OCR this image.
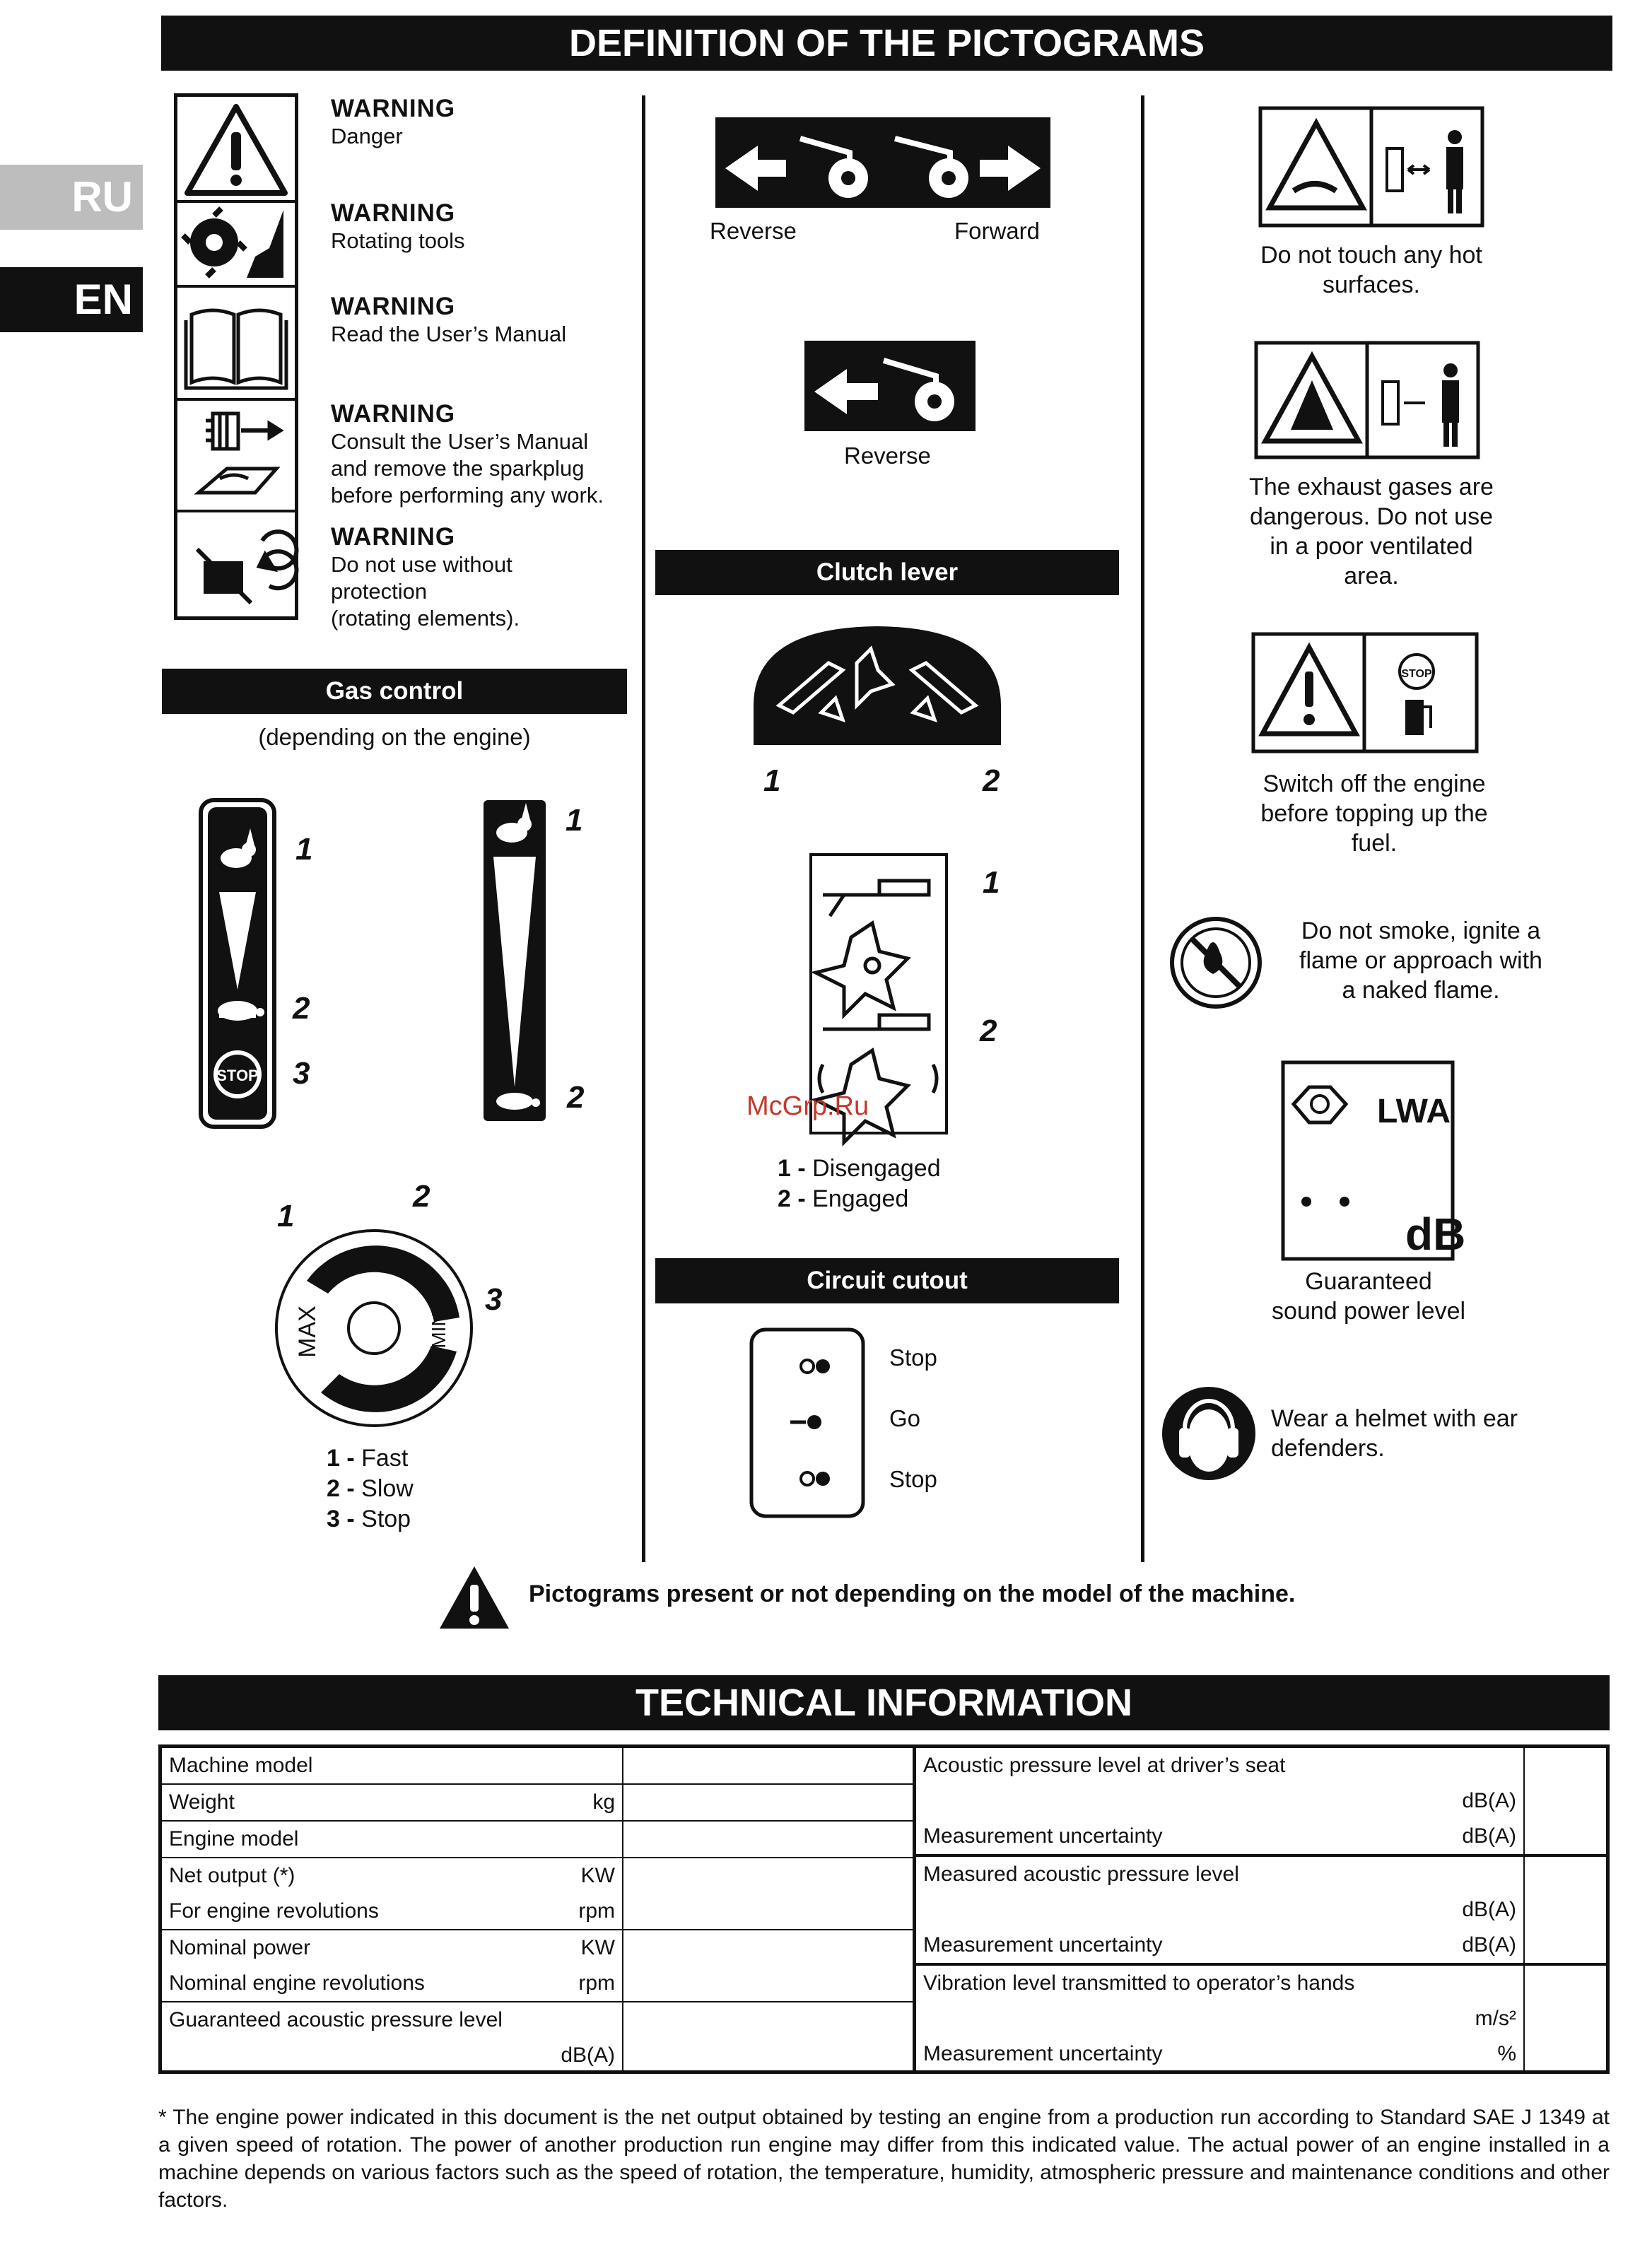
RU
EN
DEFINITION OF THE PICTOGRAMS
WARNING
Danger
WARNING
Rotating tools
WARNING
Read the User’s Manual
WARNING
Consult the User’s Manual
and remove the sparkplug
before performing any work.
WARNING
Do not use without
protection
(rotating elements).
Gas control
(depending on the engine)
STOP
1
2
3
1
2
1
2
3
MAX	MIN
1 - Fast
2 - Slow
3 - Stop
Reverse	Forward
Reverse
Clutch lever
1	2
1
2
1 - Disengaged
2 - Engaged
Circuit cutout
Stop
Go
Stop
Do not touch any hot
surfaces.
The exhaust gases are
dangerous. Do not use
in a poor ventilated
area.
STOP
Switch off the engine
before topping up the
fuel.
Do not smoke, ignite a
flame or approach with
a naked flame.
LWA
dB
Guaranteed
sound power level
Wear a helmet with ear
defenders.
McGrp.Ru
Pictograms present or not depending on the model of the machine.
TECHNICAL INFORMATION
Machine model

Weight kg	

Engine model

Net output (*) KW	

For engine revolutions rpm	

Nominal power KW	

Nominal engine revolutions rpm	

Guaranteed acoustic pressure level

dB(A)	

Acoustic pressure level at driver’s seat

dB(A)	

Measurement uncertainty dB(A)	

Measured acoustic pressure level

dB(A)	

Measurement uncertainty dB(A)	

Vibration level transmitted to operator’s hands

m/s²	

Measurement uncertainty %	

* The engine power indicated in this document is the net output obtained by testing an engine from a production run according to Standard SAE J 1349 at a given speed of rotation. The power of another production run engine may differ from this indicated value. The actual power of an engine installed in a machine depends on various factors such as the speed of rotation, the temperature, humidity, atmospheric pressure and maintenance conditions and other factors.
